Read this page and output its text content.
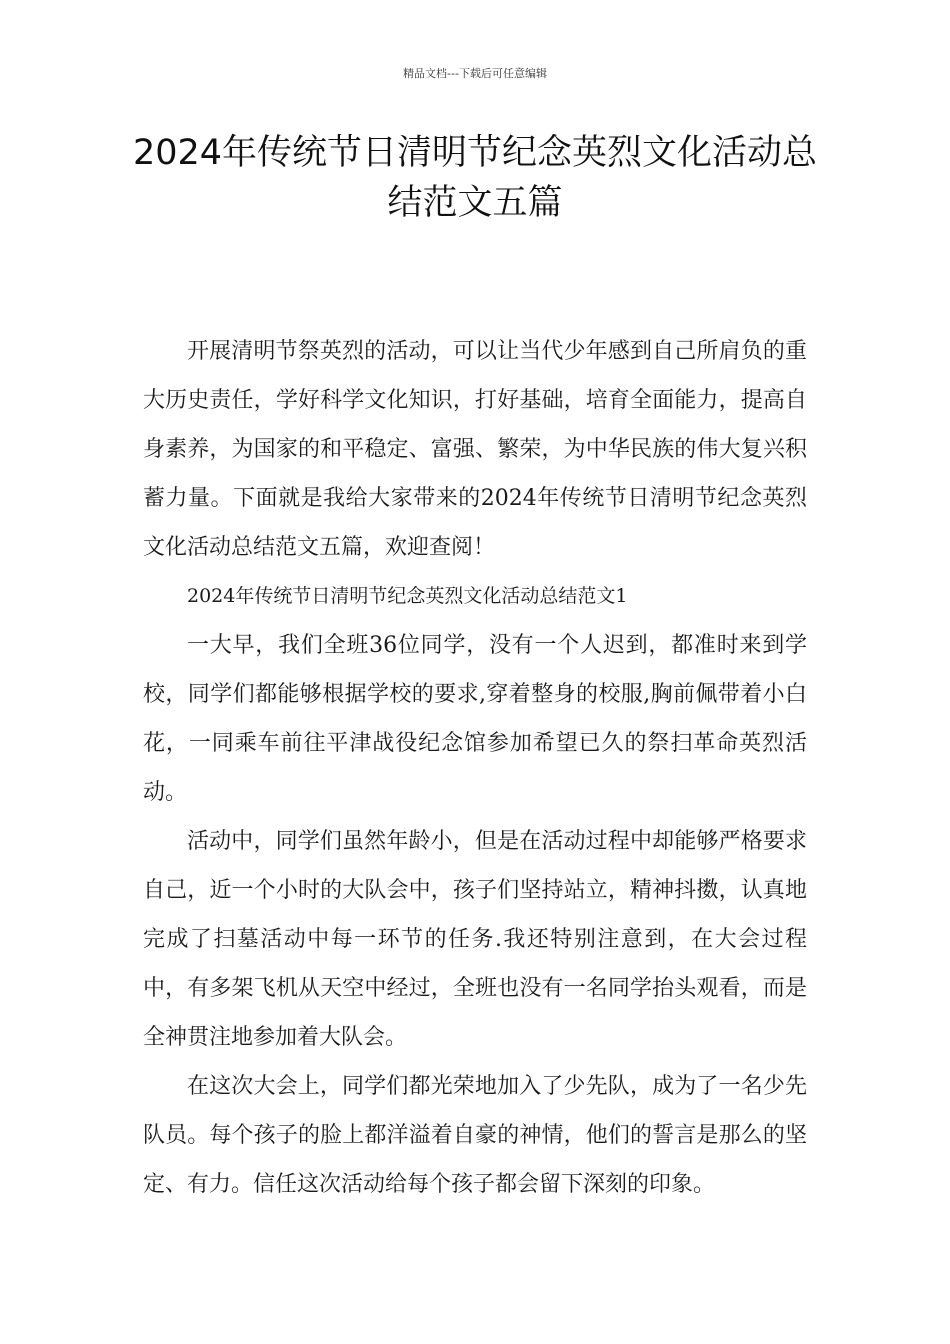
精品文档---下载后可任意编辑
2024年传统节日清明节纪念英烈文化活动总结范文五篇

开展清明节祭英烈的活动，可以让当代少年感到自己所肩负的重大历史责任，学好科学文化知识，打好基础，培育全面能力，提高自身素养，为国家的和平稳定、富强、繁荣，为中华民族的伟大复兴积蓄力量。下面就是我给大家带来的2024年传统节日清明节纪念英烈文化活动总结范文五篇，欢迎查阅！

2024年传统节日清明节纪念英烈文化活动总结范文1

一大早，我们全班36位同学，没有一个人迟到，都准时来到学校，同学们都能够根据学校的要求,穿着整身的校服,胸前佩带着小白花，一同乘车前往平津战役纪念馆参加希望已久的祭扫革命英烈活动。

活动中，同学们虽然年龄小，但是在活动过程中却能够严格要求自己，近一个小时的大队会中，孩子们坚持站立，精神抖擞，认真地完成了扫墓活动中每一环节的任务.我还特别注意到，在大会过程中，有多架飞机从天空中经过，全班也没有一名同学抬头观看，而是全神贯注地参加着大队会。

在这次大会上，同学们都光荣地加入了少先队，成为了一名少先队员。每个孩子的脸上都洋溢着自豪的神情，他们的誓言是那么的坚定、有力。信任这次活动给每个孩子都会留下深刻的印象。
